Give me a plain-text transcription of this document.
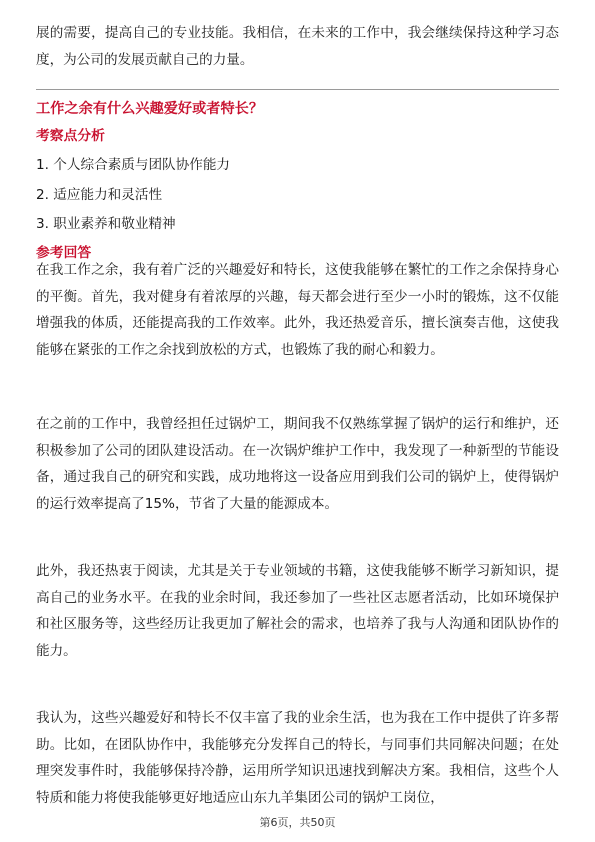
展的需要，提高自己的专业技能。我相信，在未来的工作中，我会继续保持这种学习态度，为公司的发展贡献自己的力量。

工作之余有什么兴趣爱好或者特长？
考察点分析
1. 个人综合素质与团队协作能力
2. 适应能力和灵活性
3. 职业素养和敬业精神
参考回答

在我工作之余，我有着广泛的兴趣爱好和特长，这使我能够在繁忙的工作之余保持身心的平衡。首先，我对健身有着浓厚的兴趣，每天都会进行至少一小时的锻炼，这不仅能增强我的体质，还能提高我的工作效率。此外，我还热爱音乐，擅长演奏吉他，这使我能够在紧张的工作之余找到放松的方式，也锻炼了我的耐心和毅力。

在之前的工作中，我曾经担任过锅炉工，期间我不仅熟练掌握了锅炉的运行和维护，还积极参加了公司的团队建设活动。在一次锅炉维护工作中，我发现了一种新型的节能设备，通过我自己的研究和实践，成功地将这一设备应用到我们公司的锅炉上，使得锅炉的运行效率提高了15%，节省了大量的能源成本。

此外，我还热衷于阅读，尤其是关于专业领域的书籍，这使我能够不断学习新知识，提高自己的业务水平。在我的业余时间，我还参加了一些社区志愿者活动，比如环境保护和社区服务等，这些经历让我更加了解社会的需求，也培养了我与人沟通和团队协作的能力。

我认为，这些兴趣爱好和特长不仅丰富了我的业余生活，也为我在工作中提供了许多帮助。比如，在团队协作中，我能够充分发挥自己的特长，与同事们共同解决问题；在处理突发事件时，我能够保持冷静，运用所学知识迅速找到解决方案。我相信，这些个人特质和能力将使我能够更好地适应山东九羊集团公司的锅炉工岗位，

第6页，共50页
